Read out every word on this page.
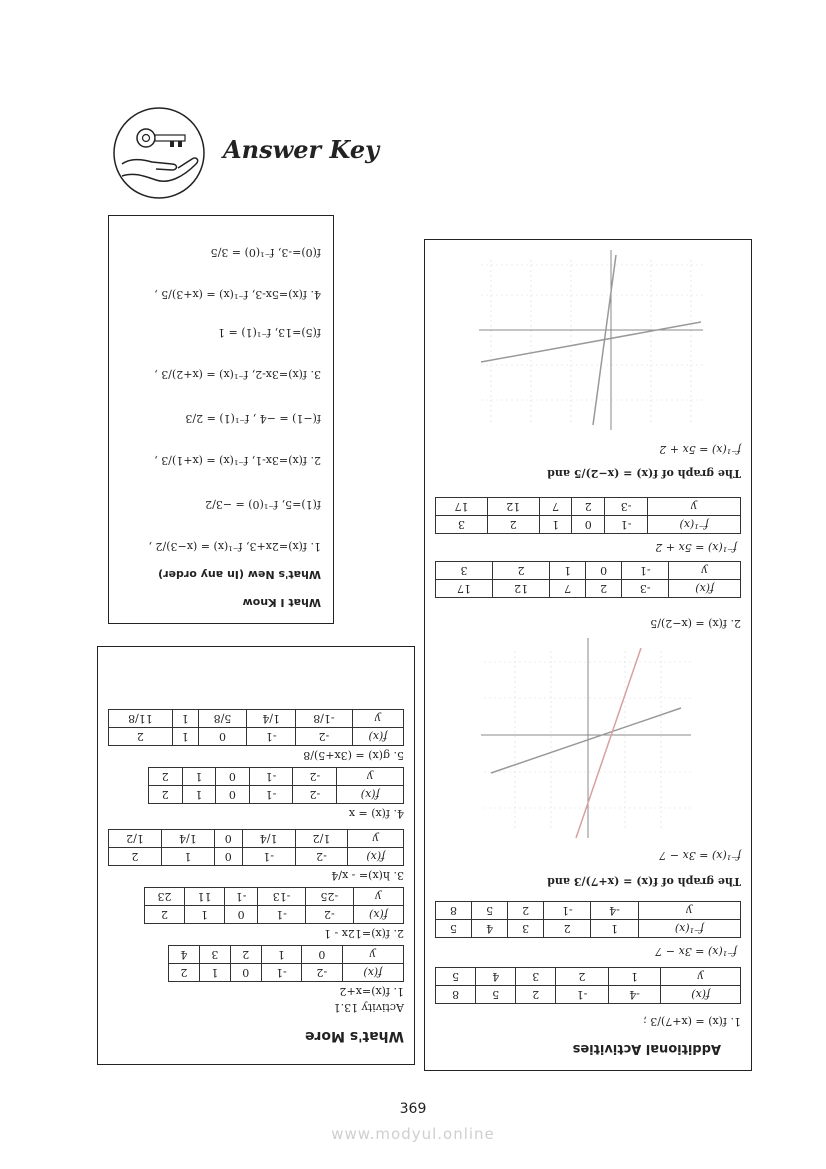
Answer Key
What I Know
What's New (In any order)
1. f(x)=2x+3, f⁻¹(x) = (x−3)/2 ,
f(1)=5, f⁻¹(0) = −3/2
2. f(x)=3x-1, f⁻¹(x) = (x+1)/3 ,
f(−1) = −4 , f⁻¹(1) = 2/3
3. f(x)=3x-2, f⁻¹(x) = (x+2)/3 ,
f(5)=13, f⁻¹(1) = 1
4. f(x)=5x-3, f⁻¹(x) = (x+3)/5 ,
f(0)=-3, f⁻¹(0) = 3/5
What's More
Activity 13.1
1. f(x)=x+2
f(x)	-2	-1	0	1	2
y	0	1	2	3	4
2. f(x)=12x - 1
f(x)	-2	-1	0	1	2
y	-25	-13	-1	11	23
3. h(x)= - x/4
f(x)	-2	-1	0	1	2
y	1/2	1/4	0	1/4	1/2
4. f(x) = x
f(x)	-2	-1	0	1	2
y	-2	-1	0	1	2
5. g(x) = (3x+5)/8
f(x)	-2	-1	0	1	2
y	-1/8	1/4	5/8	1	11/8
Additional Activities
1. f(x) = (x+7)/3 ;
f(x)	-4	-1	2	5	8
y	1	2	3	4	5
f⁻¹(x) = 3x − 7
f⁻¹(x)	1	2	3	4	5
y	-4	-1	2	5	8
The graph of f(x) = (x+7)/3 and
f⁻¹(x) = 3x − 7
2. f(x) = (x−2)/5
f(x)	-3	2	7	12	17
y	-1	0	1	2	3
f⁻¹(x) = 5x + 2
f⁻¹(x)	-1	0	1	2	3
y	-3	2	7	12	17
The graph of f(x) = (x−2)/5 and
f⁻¹(x) = 5x + 2
369
www.modyul.online
